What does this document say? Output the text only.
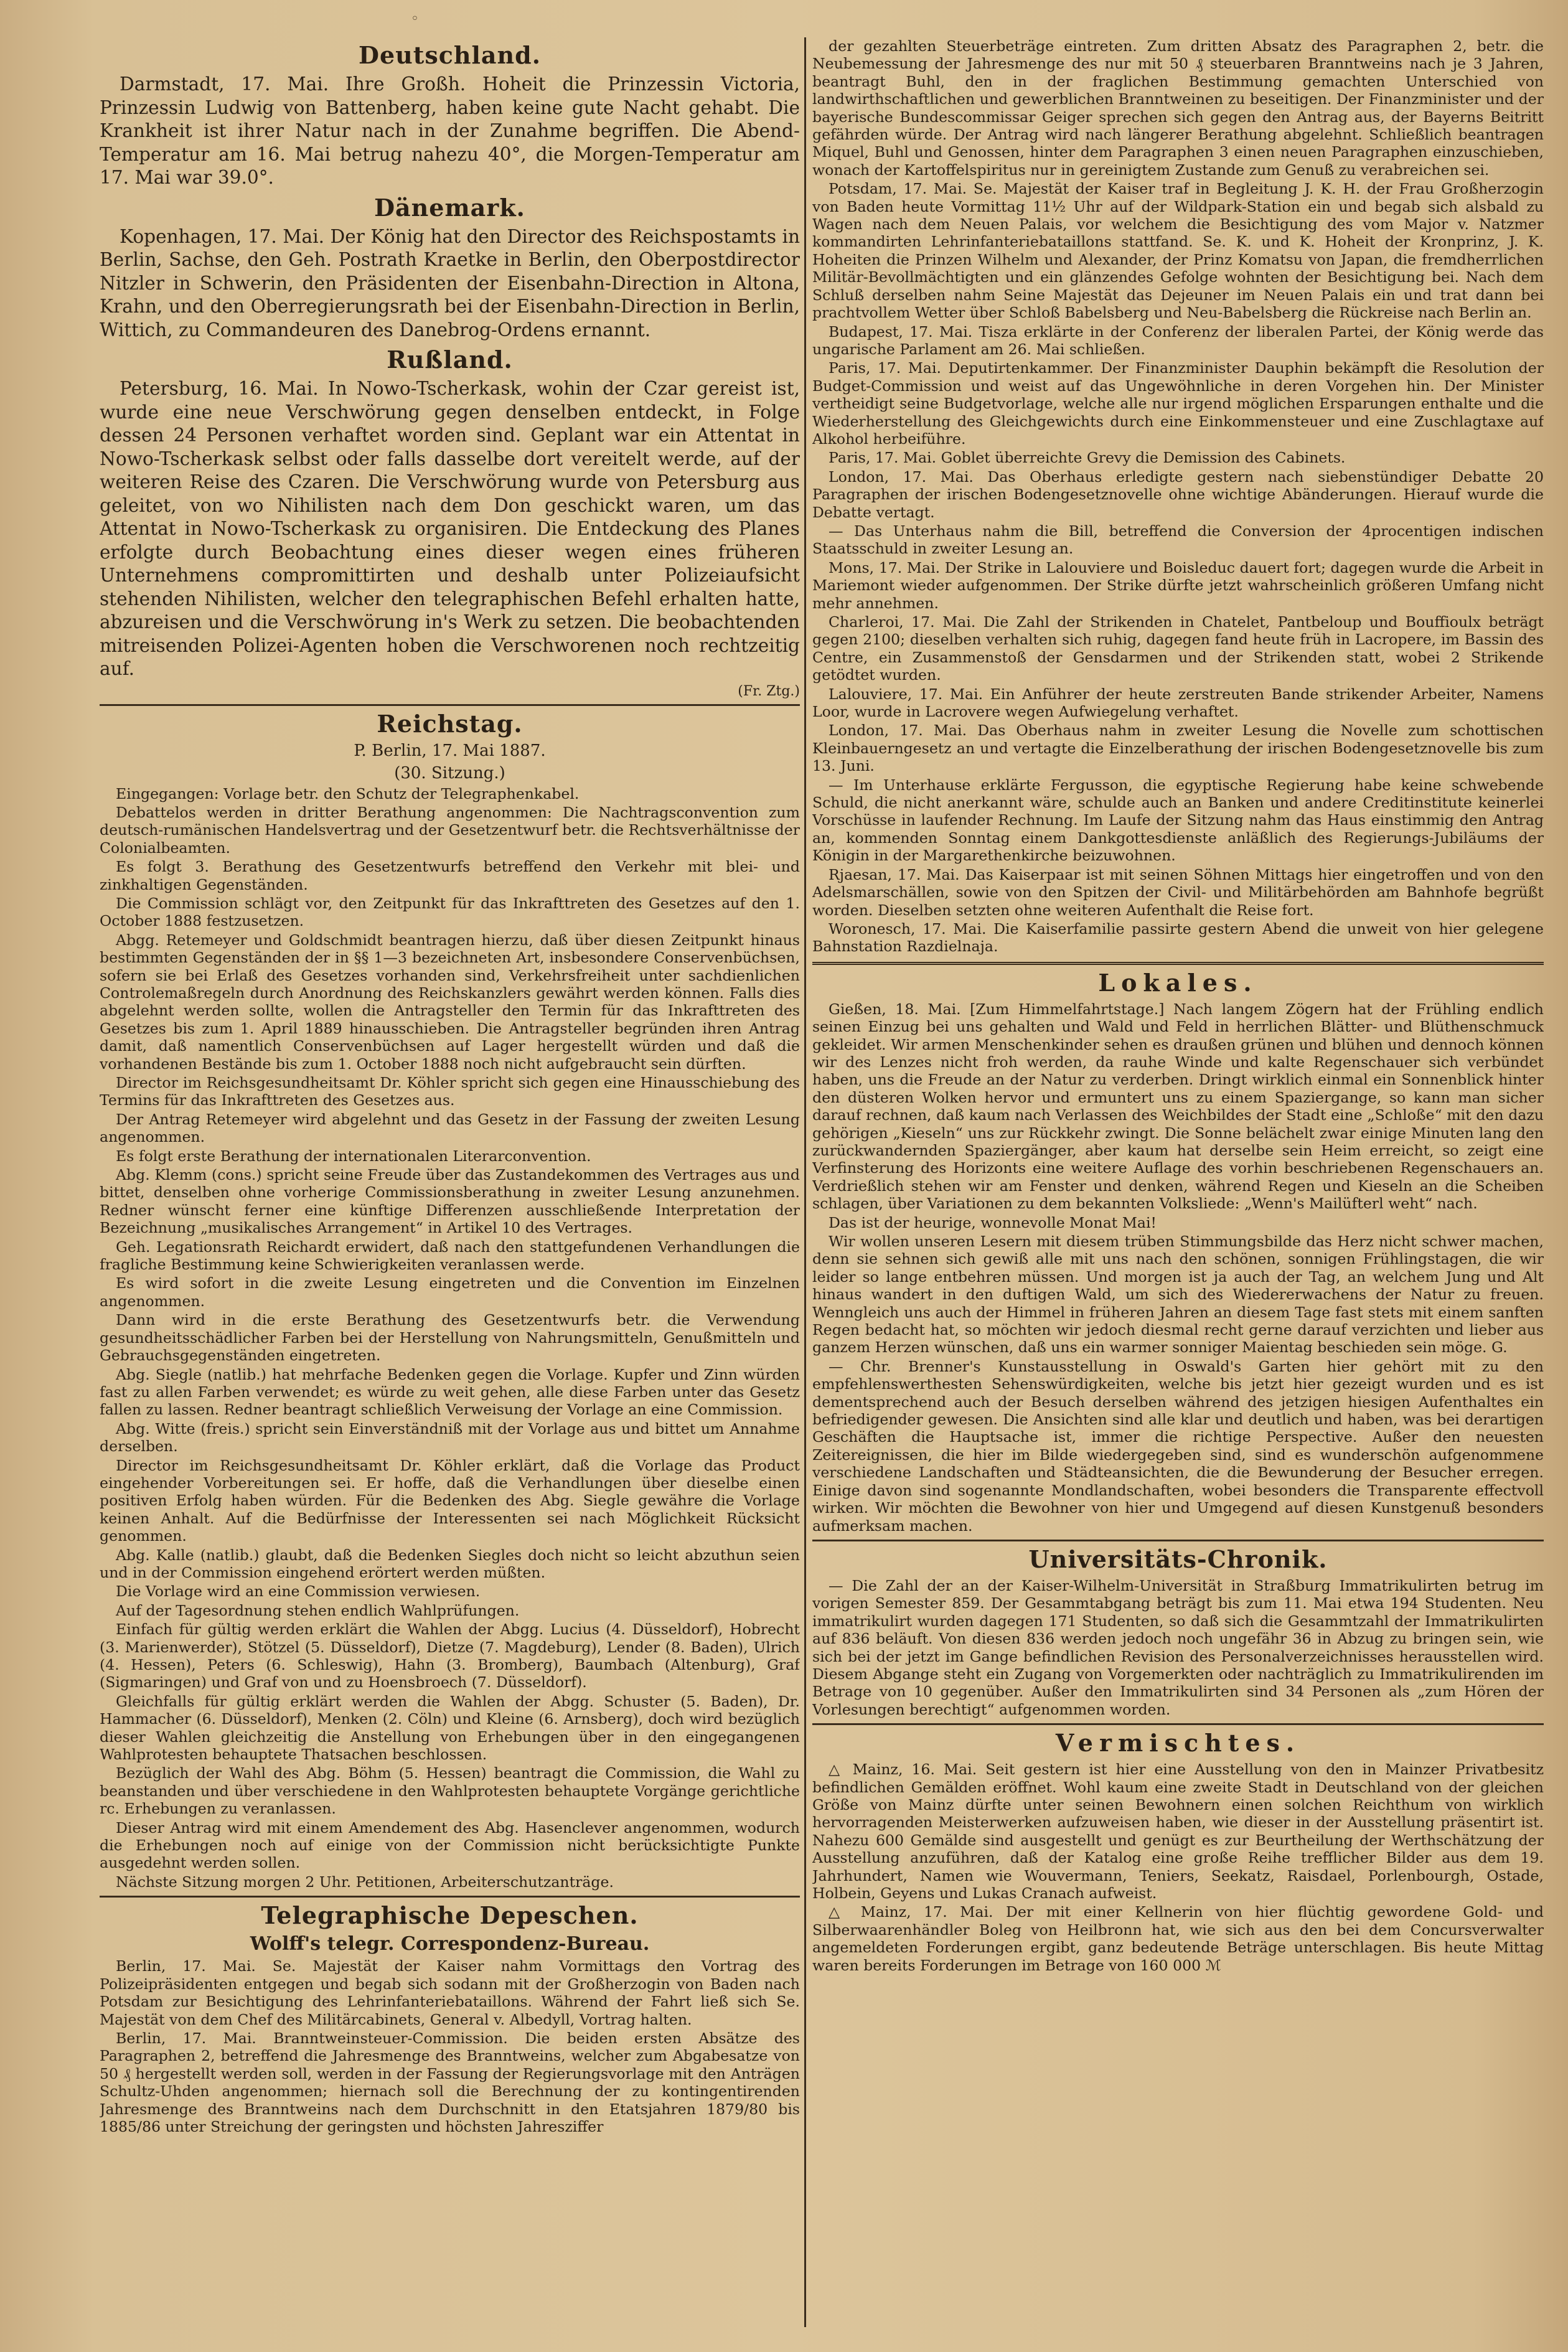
◦
Deutschland.

Darmstadt, 17. Mai. Ihre Großh. Hoheit die Prinzessin Victoria, Prinzessin Ludwig von Battenberg, haben keine gute Nacht gehabt. Die Krankheit ist ihrer Natur nach in der Zunahme begriffen. Die Abend-Temperatur am 16. Mai betrug nahezu 40°, die Morgen-Temperatur am 17. Mai war 39.0°.

Dänemark.

Kopenhagen, 17. Mai. Der König hat den Director des Reichspostamts in Berlin, Sachse, den Geh. Postrath Kraetke in Berlin, den Oberpostdirector Nitzler in Schwerin, den Präsidenten der Eisenbahn-Direction in Altona, Krahn, und den Oberregierungsrath bei der Eisenbahn-Direction in Berlin, Wittich, zu Commandeuren des Danebrog-Ordens ernannt.

Rußland.

Petersburg, 16. Mai. In Nowo-Tscherkask, wohin der Czar gereist ist, wurde eine neue Verschwörung gegen denselben entdeckt, in Folge dessen 24 Personen verhaftet worden sind. Geplant war ein Attentat in Nowo-Tscherkask selbst oder falls dasselbe dort vereitelt werde, auf der weiteren Reise des Czaren. Die Verschwörung wurde von Petersburg aus geleitet, von wo Nihilisten nach dem Don geschickt waren, um das Attentat in Nowo-Tscherkask zu organisiren. Die Entdeckung des Planes erfolgte durch Beobachtung eines dieser wegen eines früheren Unternehmens compromittirten und deshalb unter Polizeiaufsicht stehenden Nihilisten, welcher den telegraphischen Befehl erhalten hatte, abzureisen und die Verschwörung in's Werk zu setzen. Die beobachtenden mitreisenden Polizei-Agenten hoben die Verschworenen noch rechtzeitig auf.

(Fr. Ztg.)
Reichstag.
P. Berlin, 17. Mai 1887.
(30. Sitzung.)

Eingegangen: Vorlage betr. den Schutz der Telegraphenkabel.

Debattelos werden in dritter Berathung angenommen: Die Nachtragsconvention zum deutsch-rumänischen Handelsvertrag und der Gesetzentwurf betr. die Rechtsverhältnisse der Colonialbeamten.

Es folgt 3. Berathung des Gesetzentwurfs betreffend den Verkehr mit blei- und zinkhaltigen Gegenständen.

Die Commission schlägt vor, den Zeitpunkt für das Inkrafttreten des Gesetzes auf den 1. October 1888 festzusetzen.

Abgg. Retemeyer und Goldschmidt beantragen hierzu, daß über diesen Zeitpunkt hinaus bestimmten Gegenständen der in §§ 1—3 bezeichneten Art, insbesondere Conservenbüchsen, sofern sie bei Erlaß des Gesetzes vorhanden sind, Verkehrsfreiheit unter sachdienlichen Controlemaßregeln durch Anordnung des Reichskanzlers gewährt werden können. Falls dies abgelehnt werden sollte, wollen die Antragsteller den Termin für das Inkrafttreten des Gesetzes bis zum 1. April 1889 hinausschieben. Die Antragsteller begründen ihren Antrag damit, daß namentlich Conservenbüchsen auf Lager hergestellt würden und daß die vorhandenen Bestände bis zum 1. October 1888 noch nicht aufgebraucht sein dürften.

Director im Reichsgesundheitsamt Dr. Köhler spricht sich gegen eine Hinausschiebung des Termins für das Inkrafttreten des Gesetzes aus.

Der Antrag Retemeyer wird abgelehnt und das Gesetz in der Fassung der zweiten Lesung angenommen.

Es folgt erste Berathung der internationalen Literarconvention.

Abg. Klemm (cons.) spricht seine Freude über das Zustandekommen des Vertrages aus und bittet, denselben ohne vorherige Commissionsberathung in zweiter Lesung anzunehmen. Redner wünscht ferner eine künftige Differenzen ausschließende Interpretation der Bezeichnung „musikalisches Arrangement“ in Artikel 10 des Vertrages.

Geh. Legationsrath Reichardt erwidert, daß nach den stattgefundenen Verhandlungen die fragliche Bestimmung keine Schwierigkeiten veranlassen werde.

Es wird sofort in die zweite Lesung eingetreten und die Convention im Einzelnen angenommen.

Dann wird in die erste Berathung des Gesetzentwurfs betr. die Verwendung gesundheitsschädlicher Farben bei der Herstellung von Nahrungsmitteln, Genußmitteln und Gebrauchsgegenständen eingetreten.

Abg. Siegle (natlib.) hat mehrfache Bedenken gegen die Vorlage. Kupfer und Zinn würden fast zu allen Farben verwendet; es würde zu weit gehen, alle diese Farben unter das Gesetz fallen zu lassen. Redner beantragt schließlich Verweisung der Vorlage an eine Commission.

Abg. Witte (freis.) spricht sein Einverständniß mit der Vorlage aus und bittet um Annahme derselben.

Director im Reichsgesundheitsamt Dr. Köhler erklärt, daß die Vorlage das Product eingehender Vorbereitungen sei. Er hoffe, daß die Verhandlungen über dieselbe einen positiven Erfolg haben würden. Für die Bedenken des Abg. Siegle gewähre die Vorlage keinen Anhalt. Auf die Bedürfnisse der Interessenten sei nach Möglichkeit Rücksicht genommen.

Abg. Kalle (natlib.) glaubt, daß die Bedenken Siegles doch nicht so leicht abzuthun seien und in der Commission eingehend erörtert werden müßten.

Die Vorlage wird an eine Commission verwiesen.

Auf der Tagesordnung stehen endlich Wahlprüfungen.

Einfach für gültig werden erklärt die Wahlen der Abgg. Lucius (4. Düsseldorf), Hobrecht (3. Marienwerder), Stötzel (5. Düsseldorf), Dietze (7. Magdeburg), Lender (8. Baden), Ulrich (4. Hessen), Peters (6. Schleswig), Hahn (3. Bromberg), Baumbach (Altenburg), Graf (Sigmaringen) und Graf von und zu Hoensbroech (7. Düsseldorf).

Gleichfalls für gültig erklärt werden die Wahlen der Abgg. Schuster (5. Baden), Dr. Hammacher (6. Düsseldorf), Menken (2. Cöln) und Kleine (6. Arnsberg), doch wird bezüglich dieser Wahlen gleichzeitig die Anstellung von Erhebungen über in den eingegangenen Wahlprotesten behauptete Thatsachen beschlossen.

Bezüglich der Wahl des Abg. Böhm (5. Hessen) beantragt die Commission, die Wahl zu beanstanden und über verschiedene in den Wahlprotesten behauptete Vorgänge gerichtliche rc. Erhebungen zu veranlassen.

Dieser Antrag wird mit einem Amendement des Abg. Hasenclever angenommen, wodurch die Erhebungen noch auf einige von der Commission nicht berücksichtigte Punkte ausgedehnt werden sollen.

Nächste Sitzung morgen 2 Uhr. Petitionen, Arbeiterschutzanträge.

Telegraphische Depeschen.
Wolff's telegr. Correspondenz-Bureau.

Berlin, 17. Mai. Se. Majestät der Kaiser nahm Vormittags den Vortrag des Polizeipräsidenten entgegen und begab sich sodann mit der Großherzogin von Baden nach Potsdam zur Besichtigung des Lehrinfanteriebataillons. Während der Fahrt ließ sich Se. Majestät von dem Chef des Militärcabinets, General v. Albedyll, Vortrag halten.

Berlin, 17. Mai. Branntweinsteuer-Commission. Die beiden ersten Absätze des Paragraphen 2, betreffend die Jahresmenge des Branntweins, welcher zum Abgabesatze von 50 ₰ hergestellt werden soll, werden in der Fassung der Regierungsvorlage mit den Anträgen Schultz-Uhden angenommen; hiernach soll die Berechnung der zu kontingentirenden Jahresmenge des Branntweins nach dem Durchschnitt in den Etatsjahren 1879/80 bis 1885/86 unter Streichung der geringsten und höchsten Jahresziffer

der gezahlten Steuerbeträge eintreten. Zum dritten Absatz des Paragraphen 2, betr. die Neubemessung der Jahresmenge des nur mit 50 ₰ steuerbaren Branntweins nach je 3 Jahren, beantragt Buhl, den in der fraglichen Bestimmung gemachten Unterschied von landwirthschaftlichen und gewerblichen Branntweinen zu beseitigen. Der Finanzminister und der bayerische Bundescommissar Geiger sprechen sich gegen den Antrag aus, der Bayerns Beitritt gefährden würde. Der Antrag wird nach längerer Berathung abgelehnt. Schließlich beantragen Miquel, Buhl und Genossen, hinter dem Paragraphen 3 einen neuen Paragraphen einzuschieben, wonach der Kartoffelspiritus nur in gereinigtem Zustande zum Genuß zu verabreichen sei.

Potsdam, 17. Mai. Se. Majestät der Kaiser traf in Begleitung J. K. H. der Frau Großherzogin von Baden heute Vormittag 11½ Uhr auf der Wildpark-Station ein und begab sich alsbald zu Wagen nach dem Neuen Palais, vor welchem die Besichtigung des vom Major v. Natzmer kommandirten Lehrinfanteriebataillons stattfand. Se. K. und K. Hoheit der Kronprinz, J. K. Hoheiten die Prinzen Wilhelm und Alexander, der Prinz Komatsu von Japan, die fremdherrlichen Militär-Bevollmächtigten und ein glänzendes Gefolge wohnten der Besichtigung bei. Nach dem Schluß derselben nahm Seine Majestät das Dejeuner im Neuen Palais ein und trat dann bei prachtvollem Wetter über Schloß Babelsberg und Neu-Babelsberg die Rückreise nach Berlin an.

Budapest, 17. Mai. Tisza erklärte in der Conferenz der liberalen Partei, der König werde das ungarische Parlament am 26. Mai schließen.

Paris, 17. Mai. Deputirtenkammer. Der Finanzminister Dauphin bekämpft die Resolution der Budget-Commission und weist auf das Ungewöhnliche in deren Vorgehen hin. Der Minister vertheidigt seine Budgetvorlage, welche alle nur irgend möglichen Ersparungen enthalte und die Wiederherstellung des Gleichgewichts durch eine Einkommensteuer und eine Zuschlagtaxe auf Alkohol herbeiführe.

Paris, 17. Mai. Goblet überreichte Grevy die Demission des Cabinets.

London, 17. Mai. Das Oberhaus erledigte gestern nach siebenstündiger Debatte 20 Paragraphen der irischen Bodengesetznovelle ohne wichtige Abänderungen. Hierauf wurde die Debatte vertagt.

— Das Unterhaus nahm die Bill, betreffend die Conversion der 4procentigen indischen Staatsschuld in zweiter Lesung an.

Mons, 17. Mai. Der Strike in Lalouviere und Boisleduc dauert fort; dagegen wurde die Arbeit in Mariemont wieder aufgenommen. Der Strike dürfte jetzt wahrscheinlich größeren Umfang nicht mehr annehmen.

Charleroi, 17. Mai. Die Zahl der Strikenden in Chatelet, Pantbeloup und Bouffioulx beträgt gegen 2100; dieselben verhalten sich ruhig, dagegen fand heute früh in Lacropere, im Bassin des Centre, ein Zusammenstoß der Gensdarmen und der Strikenden statt, wobei 2 Strikende getödtet wurden.

Lalouviere, 17. Mai. Ein Anführer der heute zerstreuten Bande strikender Arbeiter, Namens Loor, wurde in Lacrovere wegen Aufwiegelung verhaftet.

London, 17. Mai. Das Oberhaus nahm in zweiter Lesung die Novelle zum schottischen Kleinbauerngesetz an und vertagte die Einzelberathung der irischen Bodengesetznovelle bis zum 13. Juni.

— Im Unterhause erklärte Fergusson, die egyptische Regierung habe keine schwebende Schuld, die nicht anerkannt wäre, schulde auch an Banken und andere Creditinstitute keinerlei Vorschüsse in laufender Rechnung. Im Laufe der Sitzung nahm das Haus einstimmig den Antrag an, kommenden Sonntag einem Dankgottesdienste anläßlich des Regierungs-Jubiläums der Königin in der Margarethenkirche beizuwohnen.

Rjaesan, 17. Mai. Das Kaiserpaar ist mit seinen Söhnen Mittags hier eingetroffen und von den Adelsmarschällen, sowie von den Spitzen der Civil- und Militärbehörden am Bahnhofe begrüßt worden. Dieselben setzten ohne weiteren Aufenthalt die Reise fort.

Woronesch, 17. Mai. Die Kaiserfamilie passirte gestern Abend die unweit von hier gelegene Bahnstation Razdielnaja.

Lokales.

Gießen, 18. Mai. [Zum Himmelfahrtstage.] Nach langem Zögern hat der Frühling endlich seinen Einzug bei uns gehalten und Wald und Feld in herrlichen Blätter- und Blüthenschmuck gekleidet. Wir armen Menschenkinder sehen es draußen grünen und blühen und dennoch können wir des Lenzes nicht froh werden, da rauhe Winde und kalte Regenschauer sich verbündet haben, uns die Freude an der Natur zu verderben. Dringt wirklich einmal ein Sonnenblick hinter den düsteren Wolken hervor und ermuntert uns zu einem Spaziergange, so kann man sicher darauf rechnen, daß kaum nach Verlassen des Weichbildes der Stadt eine „Schloße“ mit den dazu gehörigen „Kieseln“ uns zur Rückkehr zwingt. Die Sonne belächelt zwar einige Minuten lang den zurückwandernden Spaziergänger, aber kaum hat derselbe sein Heim erreicht, so zeigt eine Verfinsterung des Horizonts eine weitere Auflage des vorhin beschriebenen Regenschauers an. Verdrießlich stehen wir am Fenster und denken, während Regen und Kieseln an die Scheiben schlagen, über Variationen zu dem bekannten Volksliede: „Wenn's Mailüfterl weht“ nach.

Das ist der heurige, wonnevolle Monat Mai!

Wir wollen unseren Lesern mit diesem trüben Stimmungsbilde das Herz nicht schwer machen, denn sie sehnen sich gewiß alle mit uns nach den schönen, sonnigen Frühlingstagen, die wir leider so lange entbehren müssen. Und morgen ist ja auch der Tag, an welchem Jung und Alt hinaus wandert in den duftigen Wald, um sich des Wiedererwachens der Natur zu freuen. Wenngleich uns auch der Himmel in früheren Jahren an diesem Tage fast stets mit einem sanften Regen bedacht hat, so möchten wir jedoch diesmal recht gerne darauf verzichten und lieber aus ganzem Herzen wünschen, daß uns ein warmer sonniger Maientag beschieden sein möge. G.

— Chr. Brenner's Kunstausstellung in Oswald's Garten hier gehört mit zu den empfehlenswerthesten Sehenswürdigkeiten, welche bis jetzt hier gezeigt wurden und es ist dementsprechend auch der Besuch derselben während des jetzigen hiesigen Aufenthaltes ein befriedigender gewesen. Die Ansichten sind alle klar und deutlich und haben, was bei derartigen Geschäften die Hauptsache ist, immer die richtige Perspective. Außer den neuesten Zeitereignissen, die hier im Bilde wiedergegeben sind, sind es wunderschön aufgenommene verschiedene Landschaften und Städteansichten, die die Bewunderung der Besucher erregen. Einige davon sind sogenannte Mondlandschaften, wobei besonders die Transparente effectvoll wirken. Wir möchten die Bewohner von hier und Umgegend auf diesen Kunstgenuß besonders aufmerksam machen.

Universitäts-Chronik.

— Die Zahl der an der Kaiser-Wilhelm-Universität in Straßburg Immatrikulirten betrug im vorigen Semester 859. Der Gesammtabgang beträgt bis zum 11. Mai etwa 194 Studenten. Neu immatrikulirt wurden dagegen 171 Studenten, so daß sich die Gesammtzahl der Immatrikulirten auf 836 beläuft. Von diesen 836 werden jedoch noch ungefähr 36 in Abzug zu bringen sein, wie sich bei der jetzt im Gange befindlichen Revision des Personalverzeichnisses herausstellen wird. Diesem Abgange steht ein Zugang von Vorgemerkten oder nachträglich zu Immatrikulirenden im Betrage von 10 gegenüber. Außer den Immatrikulirten sind 34 Personen als „zum Hören der Vorlesungen berechtigt“ aufgenommen worden.

Vermischtes.

△ Mainz, 16. Mai. Seit gestern ist hier eine Ausstellung von den in Mainzer Privatbesitz befindlichen Gemälden eröffnet. Wohl kaum eine zweite Stadt in Deutschland von der gleichen Größe von Mainz dürfte unter seinen Bewohnern einen solchen Reichthum von wirklich hervorragenden Meisterwerken aufzuweisen haben, wie dieser in der Ausstellung präsentirt ist. Nahezu 600 Gemälde sind ausgestellt und genügt es zur Beurtheilung der Werthschätzung der Ausstellung anzuführen, daß der Katalog eine große Reihe trefflicher Bilder aus dem 19. Jahrhundert, Namen wie Wouvermann, Teniers, Seekatz, Raisdael, Porlenbourgh, Ostade, Holbein, Geyens und Lukas Cranach aufweist.

△ Mainz, 17. Mai. Der mit einer Kellnerin von hier flüchtig gewordene Gold- und Silberwaarenhändler Boleg von Heilbronn hat, wie sich aus den bei dem Concursverwalter angemeldeten Forderungen ergibt, ganz bedeutende Beträge unterschlagen. Bis heute Mittag waren bereits Forderungen im Betrage von 160 000 ℳ
